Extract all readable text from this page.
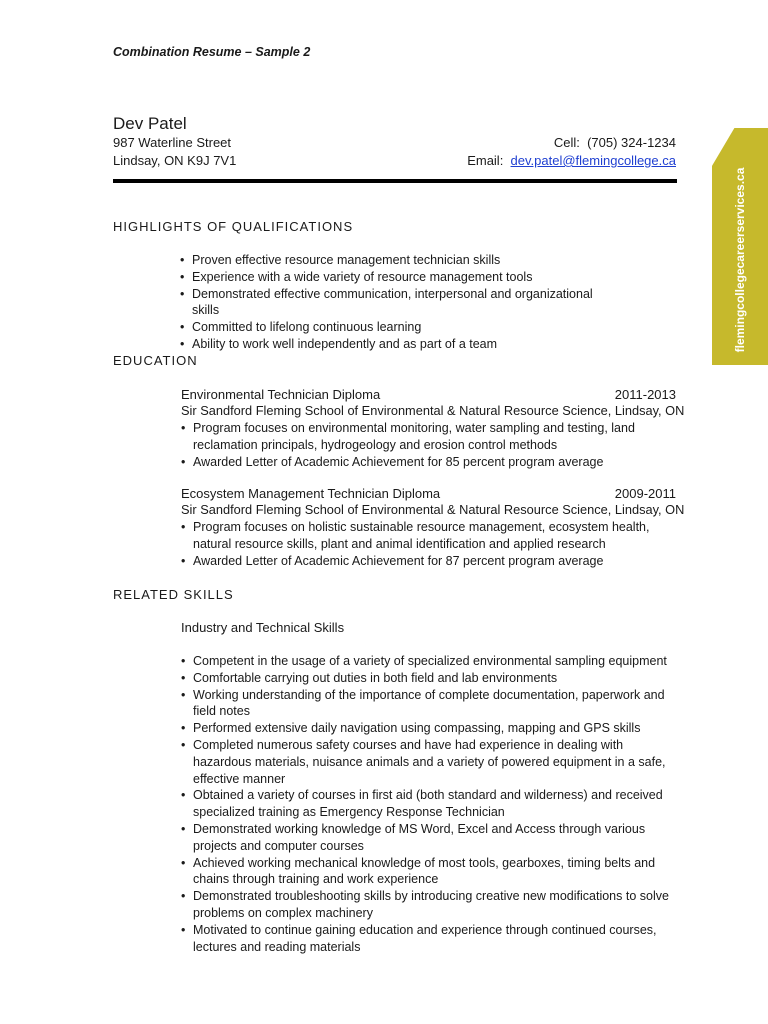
Combination Resume – Sample 2
Dev Patel
987 Waterline Street
Lindsay, ON K9J 7V1
Cell: (705) 324-1234
Email: dev.patel@flemingcollege.ca
flemingcollegecareerservices.ca
HIGHLIGHTS OF QUALIFICATIONS
• Proven effective resource management technician skills
• Experience with a wide variety of resource management tools
• Demonstrated effective communication, interpersonal and organizational skills
• Committed to lifelong continuous learning
• Ability to work well independently and as part of a team
EDUCATION
Environmental Technician Diploma	2011-2013
Sir Sandford Fleming School of Environmental & Natural Resource Science, Lindsay, ON
• Program focuses on environmental monitoring, water sampling and testing, land reclamation principals, hydrogeology and erosion control methods
• Awarded Letter of Academic Achievement for 85 percent program average
Ecosystem Management Technician Diploma	2009-2011
Sir Sandford Fleming School of Environmental & Natural Resource Science, Lindsay, ON
• Program focuses on holistic sustainable resource management, ecosystem health, natural resource skills, plant and animal identification and applied research
• Awarded Letter of Academic Achievement for 87 percent program average
RELATED SKILLS
Industry and Technical Skills
• Competent in the usage of a variety of specialized environmental sampling equipment
• Comfortable carrying out duties in both field and lab environments
• Working understanding of the importance of complete documentation, paperwork and field notes
• Performed extensive daily navigation using compassing, mapping and GPS skills
• Completed numerous safety courses and have had experience in dealing with hazardous materials, nuisance animals and a variety of powered equipment in a safe, effective manner
• Obtained a variety of courses in first aid (both standard and wilderness) and received specialized training as Emergency Response Technician
• Demonstrated working knowledge of MS Word, Excel and Access through various projects and computer courses
• Achieved working mechanical knowledge of most tools, gearboxes, timing belts and chains through training and work experience
• Demonstrated troubleshooting skills by introducing creative new modifications to solve problems on complex machinery
• Motivated to continue gaining education and experience through continued courses, lectures and reading materials
